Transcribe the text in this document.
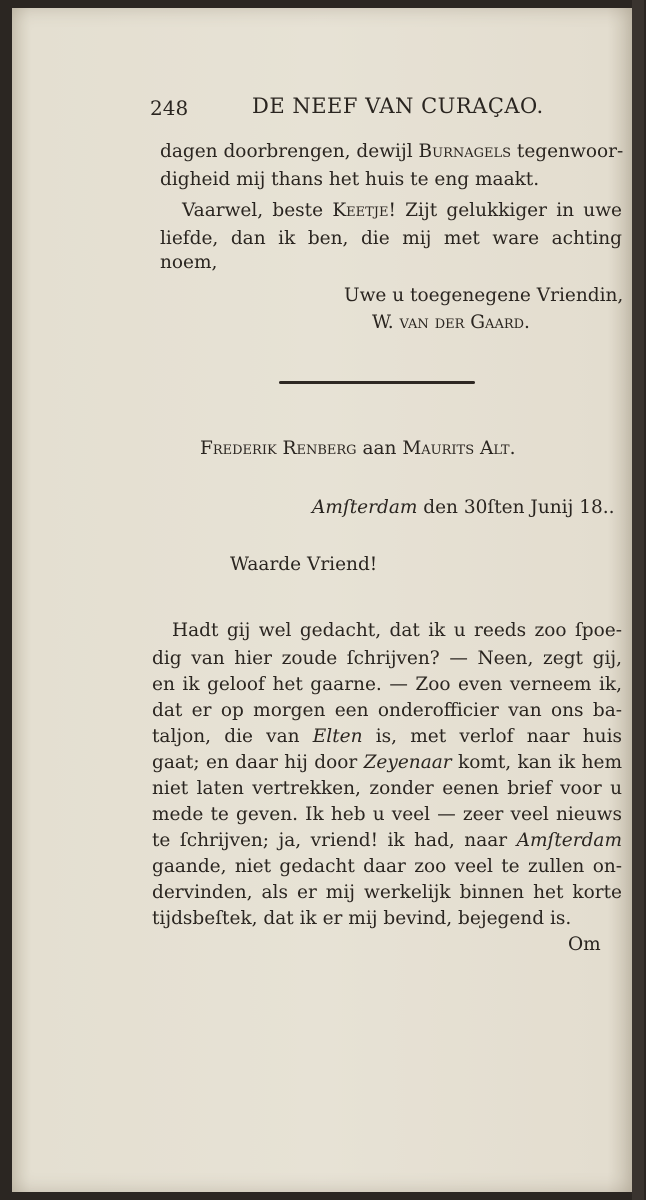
248	DE NEEF VAN CURAÇAO.
dagen doorbrengen, dewijl Burnagels tegenwoor-
digheid mij thans het huis te eng maakt.
Vaarwel, beste Keetje! Zijt gelukkiger in uwe
liefde, dan ik ben, die mij met ware achting
noem,
Uwe u toegenegene Vriendin,
W. van der Gaard.
Frederik Renberg aan Maurits Alt.
Amſterdam den 30ſten Junij 18..
Waarde Vriend!
Hadt gij wel gedacht, dat ik u reeds zoo ſpoe-
dig van hier zoude ſchrijven? — Neen, zegt gij,
en ik geloof het gaarne. — Zoo even verneem ik,
dat er op morgen een onderofficier van ons ba-
taljon, die van Elten is, met verlof naar huis
gaat; en daar hij door Zeyenaar komt, kan ik hem
niet laten vertrekken, zonder eenen brief voor u
mede te geven. Ik heb u veel — zeer veel nieuws
te ſchrijven; ja, vriend! ik had, naar Amſterdam
gaande, niet gedacht daar zoo veel te zullen on-
dervinden, als er mij werkelijk binnen het korte
tijdsbeſtek, dat ik er mij bevind, bejegend is.
Om
